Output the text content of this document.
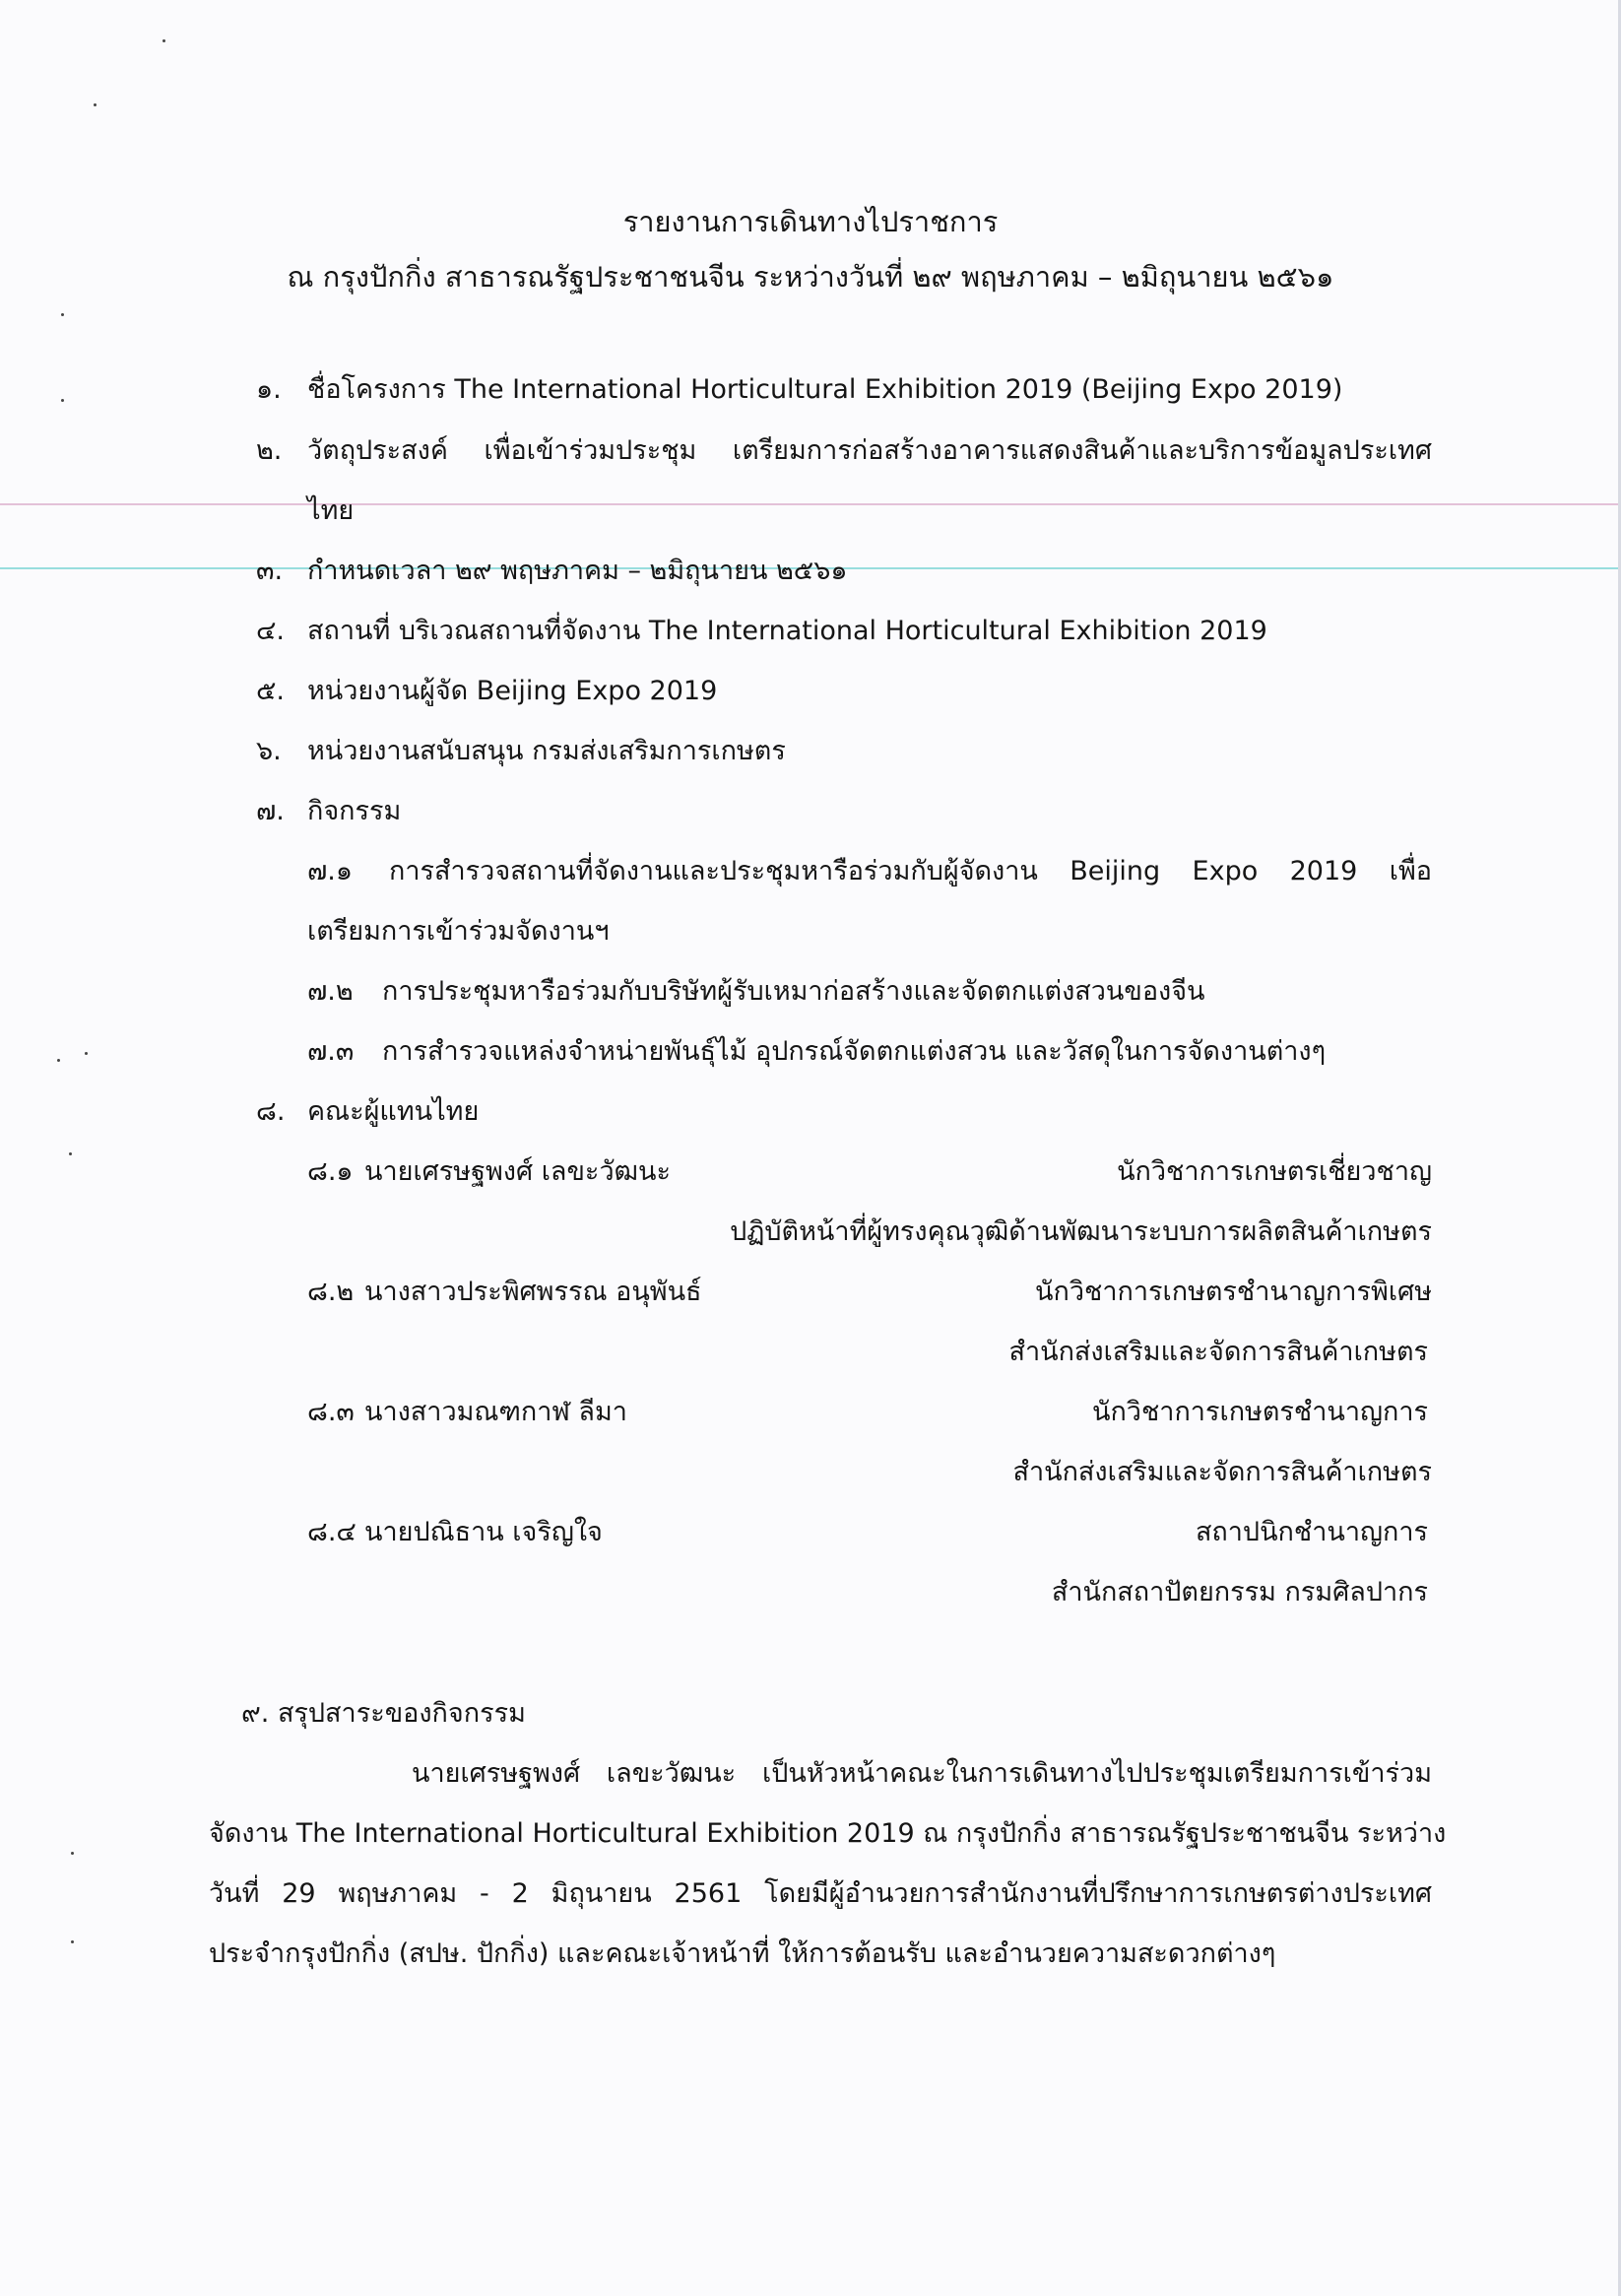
รายงานการเดินทางไปราชการ
ณ กรุงปักกิ่ง สาธารณรัฐประชาชนจีน ระหว่างวันที่ ๒๙ พฤษภาคม – ๒มิถุนายน ๒๕๖๑
๑. ชื่อโครงการ The International Horticultural Exhibition 2019 (Beijing Expo 2019)
๒. วัตถุประสงค์ เพื่อเข้าร่วมประชุม เตรียมการก่อสร้างอาคารแสดงสินค้าและบริการข้อมูลประเทศ
ไทย
๓. กำหนดเวลา ๒๙ พฤษภาคม – ๒มิถุนายน ๒๕๖๑
๔. สถานที่ บริเวณสถานที่จัดงาน The International Horticultural Exhibition 2019
๕. หน่วยงานผู้จัด Beijing Expo 2019
๖. หน่วยงานสนับสนุน กรมส่งเสริมการเกษตร
๗. กิจกรรม
๗.๑ การสำรวจสถานที่จัดงานและประชุมหารือร่วมกับผู้จัดงาน Beijing Expo 2019 เพื่อ
เตรียมการเข้าร่วมจัดงานฯ
๗.๒ การประชุมหารือร่วมกับบริษัทผู้รับเหมาก่อสร้างและจัดตกแต่งสวนของจีน
๗.๓ การสำรวจแหล่งจำหน่ายพันธุ์ไม้ อุปกรณ์จัดตกแต่งสวน และวัสดุในการจัดงานต่างๆ
๘. คณะผู้แทนไทย
๘.๑ นายเศรษฐพงศ์ เลขะวัฒนะ	นักวิชาการเกษตรเชี่ยวชาญ
ปฏิบัติหน้าที่ผู้ทรงคุณวุฒิด้านพัฒนาระบบการผลิตสินค้าเกษตร
๘.๒ นางสาวประพิศพรรณ อนุพันธ์	นักวิชาการเกษตรชำนาญการพิเศษ
สำนักส่งเสริมและจัดการสินค้าเกษตร
๘.๓ นางสาวมณฑกาฬ ลีมา	นักวิชาการเกษตรชำนาญการ
สำนักส่งเสริมและจัดการสินค้าเกษตร
๘.๔ นายปณิธาน เจริญใจ	สถาปนิกชำนาญการ
สำนักสถาปัตยกรรม กรมศิลปากร
๙. สรุปสาระของกิจกรรม
นายเศรษฐพงศ์ เลขะวัฒนะ เป็นหัวหน้าคณะในการเดินทางไปประชุมเตรียมการเข้าร่วม
จัดงาน The International Horticultural Exhibition 2019 ณ กรุงปักกิ่ง สาธารณรัฐประชาชนจีน ระหว่าง
วันที่ 29 พฤษภาคม - 2 มิถุนายน 2561 โดยมีผู้อำนวยการสำนักงานที่ปรึกษาการเกษตรต่างประเทศ
ประจำกรุงปักกิ่ง (สปษ. ปักกิ่ง) และคณะเจ้าหน้าที่ ให้การต้อนรับ และอำนวยความสะดวกต่างๆ
